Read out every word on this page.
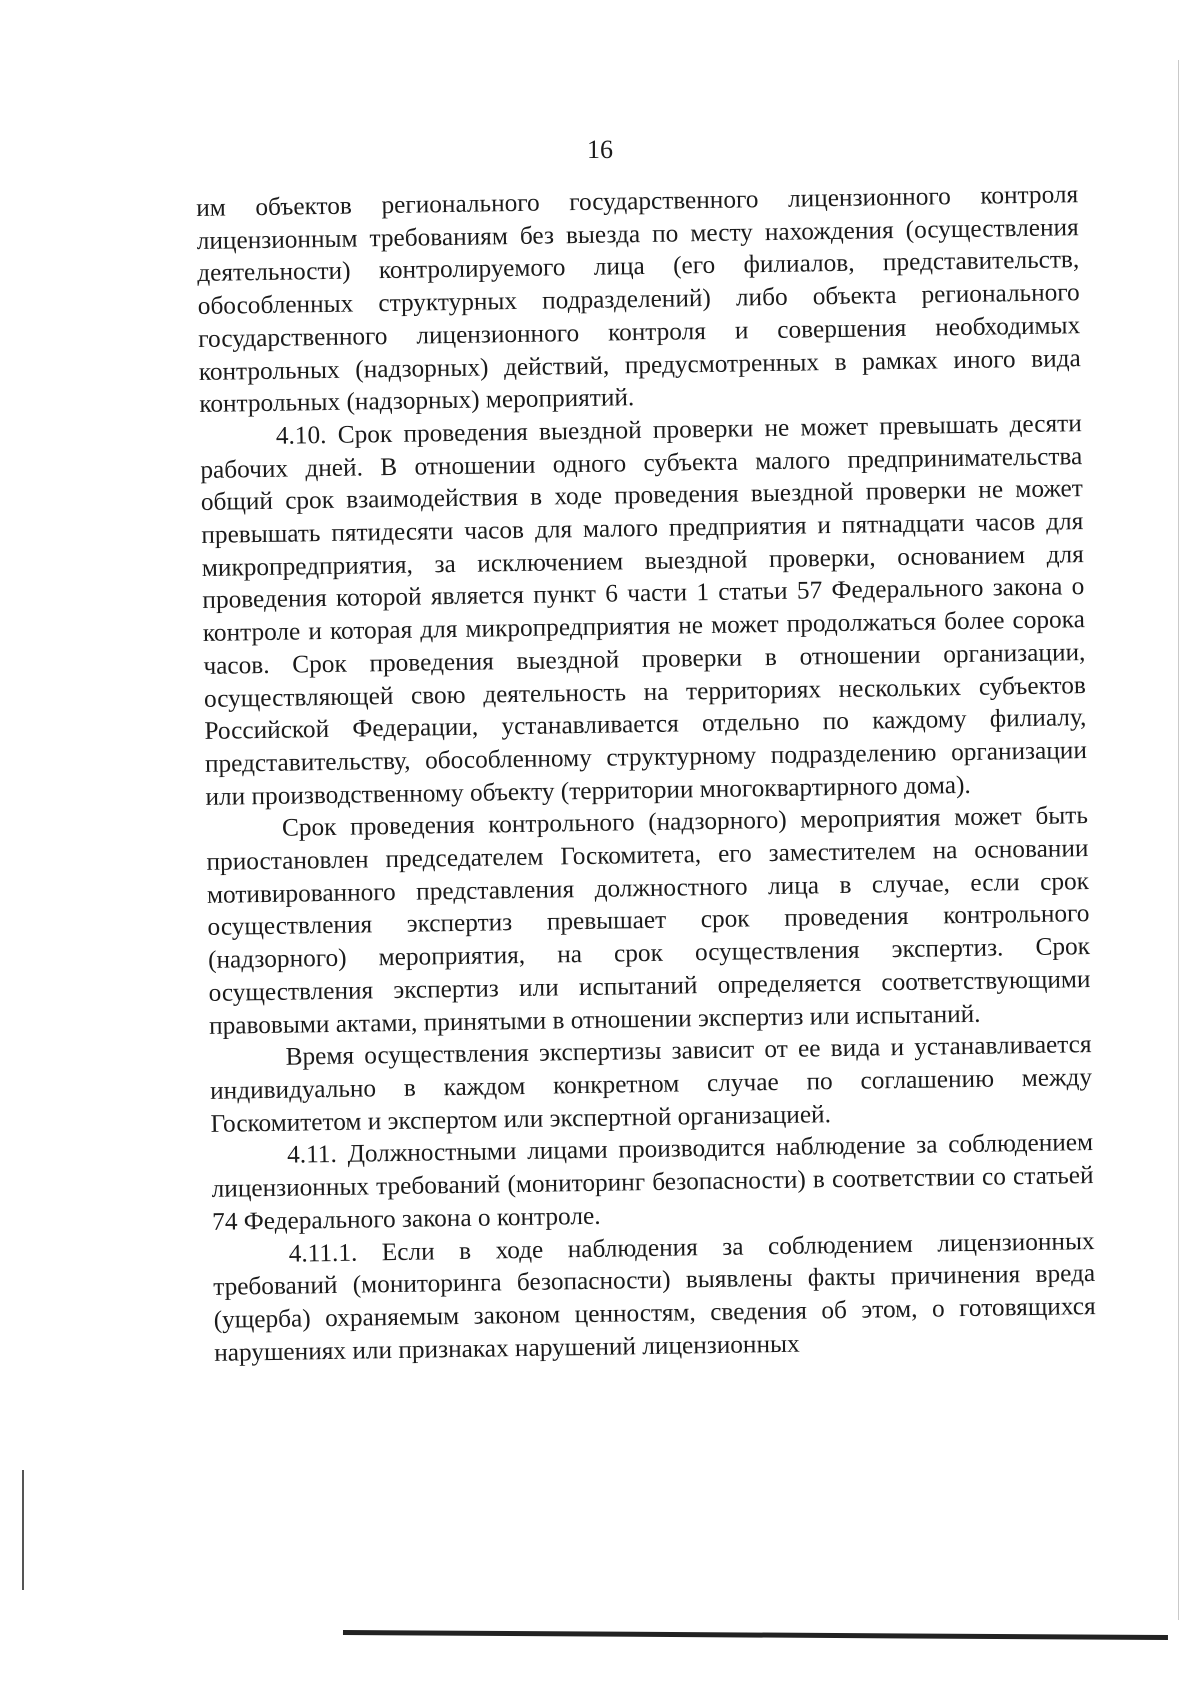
16

им объектов регионального государственного лицензионного контроля лицензионным требованиям без выезда по месту нахождения (осуществления деятельности) контролируемого лица (его филиалов, представительств, обособленных структурных подразделений) либо объекта регионального государственного лицензионного контроля и совершения необходимых контрольных (надзорных) действий, предусмотренных в рамках иного вида контрольных (надзорных) мероприятий.

4.10. Срок проведения выездной проверки не может превышать десяти рабочих дней. В отношении одного субъекта малого предпринимательства общий срок взаимодействия в ходе проведения выездной проверки не может превышать пятидесяти часов для малого предприятия и пятнадцати часов для микропредприятия, за исключением выездной проверки, основанием для проведения которой является пункт 6 части 1 статьи 57 Федерального закона о контроле и которая для микропредприятия не может продолжаться более сорока часов. Срок проведения выездной проверки в отношении организации, осуществляющей свою деятельность на территориях нескольких субъектов Российской Федерации, устанавливается отдельно по каждому филиалу, представительству, обособленному структурному подразделению организации или производственному объекту (территории многоквартирного дома).

Срок проведения контрольного (надзорного) мероприятия может быть приостановлен председателем Госкомитета, его заместителем на основании мотивированного представления должностного лица в случае, если срок осуществления экспертиз превышает срок проведения контрольного (надзорного) мероприятия, на срок осуществления экспертиз. Срок осуществления экспертиз или испытаний определяется соответствующими правовыми актами, принятыми в отношении экспертиз или испытаний.

Время осуществления экспертизы зависит от ее вида и устанавливается индивидуально в каждом конкретном случае по соглашению между Госкомитетом и экспертом или экспертной организацией.

4.11. Должностными лицами производится наблюдение за соблюдением лицензионных требований (мониторинг безопасности) в соответствии со статьей 74 Федерального закона о контроле.

4.11.1. Если в ходе наблюдения за соблюдением лицензионных требований (мониторинга безопасности) выявлены факты причинения вреда (ущерба) охраняемым законом ценностям, сведения об этом, о готовящихся нарушениях или признаках нарушений лицензионных
